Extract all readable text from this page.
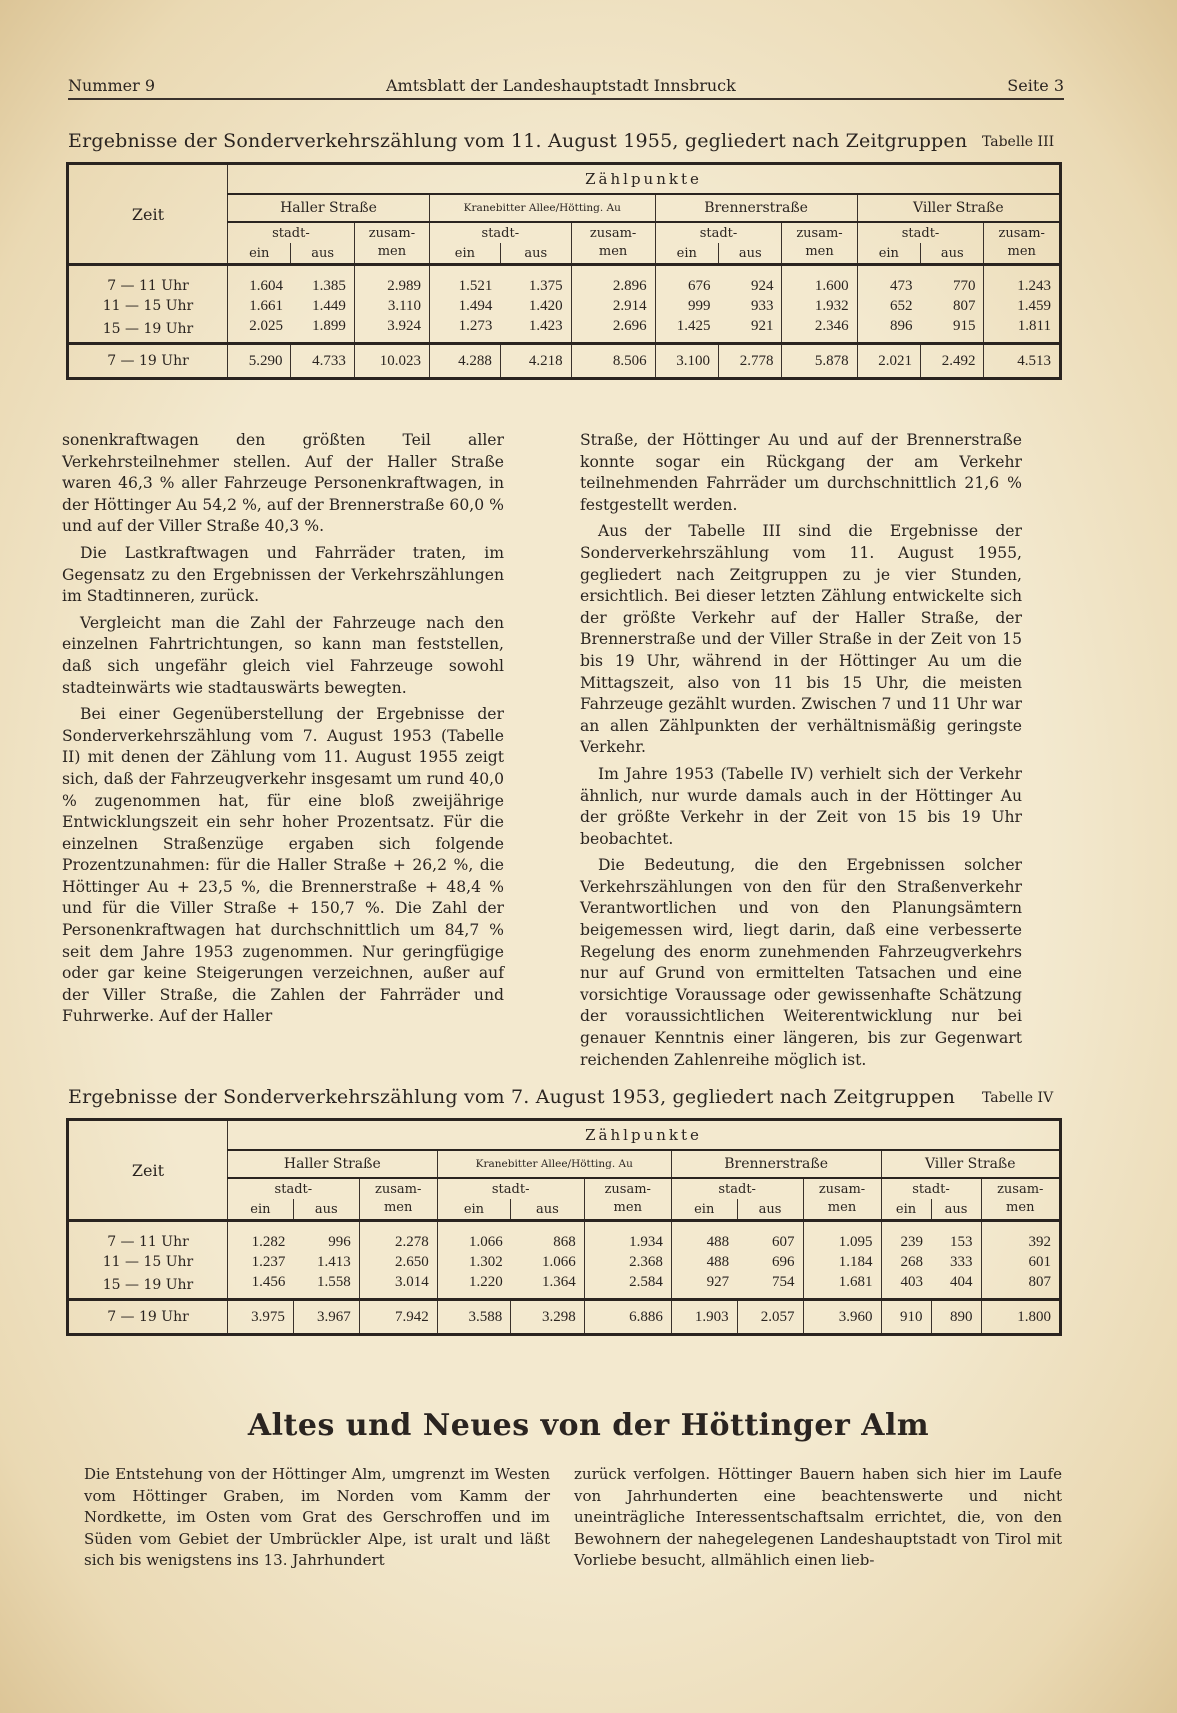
Nummer 9	Amtsblatt der Landeshauptstadt Innsbruck	Seite 3
Ergebnisse der Sonderverkehrszählung vom 11. August 1955, gegliedert nach Zeitgruppen Tabelle III
Zeit	Zählpunkte											
	Haller Straße			Kranebitter Allee/Hötting. Au			Brennerstraße			Viller Straße		
	stadt-		zusam-
men	stadt-		zusam-
men	stadt-		zusam-
men	stadt-		zusam-
men
	ein	aus		ein	aus		ein	aus		ein	aus	
7 — 11 Uhr	1.604	1.385	2.989	1.521	1.375	2.896	676	924	1.600	473	770	1.243
11 — 15 Uhr	1.661	1.449	3.110	1.494	1.420	2.914	999	933	1.932	652	807	1.459
15 — 19 Uhr	2.025	1.899	3.924	1.273	1.423	2.696	1.425	921	2.346	896	915	1.811
7 — 19 Uhr	5.290	4.733	10.023	4.288	4.218	8.506	3.100	2.778	5.878	2.021	2.492	4.513

sonenkraftwagen den größten Teil aller Verkehrsteilnehmer stellen. Auf der Haller Straße waren 46,3 % aller Fahrzeuge Personenkraftwagen, in der Höttinger Au 54,2 %, auf der Brennerstraße 60,0 % und auf der Viller Straße 40,3 %.

Die Lastkraftwagen und Fahrräder traten, im Gegensatz zu den Ergebnissen der Verkehrszählungen im Stadtinneren, zurück.

Vergleicht man die Zahl der Fahrzeuge nach den einzelnen Fahrtrichtungen, so kann man feststellen, daß sich ungefähr gleich viel Fahrzeuge sowohl stadteinwärts wie stadtauswärts bewegten.

Bei einer Gegenüberstellung der Ergebnisse der Sonderverkehrszählung vom 7. August 1953 (Tabelle II) mit denen der Zählung vom 11. August 1955 zeigt sich, daß der Fahrzeugverkehr insgesamt um rund 40,0 % zugenommen hat, für eine bloß zweijährige Entwicklungszeit ein sehr hoher Prozentsatz. Für die einzelnen Straßenzüge ergaben sich folgende Prozentzunahmen: für die Haller Straße + 26,2 %, die Höttinger Au + 23,5 %, die Brennerstraße + 48,4 % und für die Viller Straße + 150,7 %. Die Zahl der Personenkraftwagen hat durchschnittlich um 84,7 % seit dem Jahre 1953 zugenommen. Nur geringfügige oder gar keine Steigerungen verzeichnen, außer auf der Viller Straße, die Zahlen der Fahrräder und Fuhrwerke. Auf der Haller

Straße, der Höttinger Au und auf der Brennerstraße konnte sogar ein Rückgang der am Verkehr teilnehmenden Fahrräder um durchschnittlich 21,6 % festgestellt werden.

Aus der Tabelle III sind die Ergebnisse der Sonderverkehrszählung vom 11. August 1955, gegliedert nach Zeitgruppen zu je vier Stunden, ersichtlich. Bei dieser letzten Zählung entwickelte sich der größte Verkehr auf der Haller Straße, der Brennerstraße und der Viller Straße in der Zeit von 15 bis 19 Uhr, während in der Höttinger Au um die Mittagszeit, also von 11 bis 15 Uhr, die meisten Fahrzeuge gezählt wurden. Zwischen 7 und 11 Uhr war an allen Zählpunkten der verhältnismäßig geringste Verkehr.

Im Jahre 1953 (Tabelle IV) verhielt sich der Verkehr ähnlich, nur wurde damals auch in der Höttinger Au der größte Verkehr in der Zeit von 15 bis 19 Uhr beobachtet.

Die Bedeutung, die den Ergebnissen solcher Verkehrszählungen von den für den Straßenverkehr Verantwortlichen und von den Planungsämtern beigemessen wird, liegt darin, daß eine verbesserte Regelung des enorm zunehmenden Fahrzeugverkehrs nur auf Grund von ermittelten Tatsachen und eine vorsichtige Voraussage oder gewissenhafte Schätzung der voraussichtlichen Weiterentwicklung nur bei genauer Kenntnis einer längeren, bis zur Gegenwart reichenden Zahlenreihe möglich ist.

Ergebnisse der Sonderverkehrszählung vom 7. August 1953, gegliedert nach Zeitgruppen Tabelle IV
Zeit	Zählpunkte											
	Haller Straße			Kranebitter Allee/Hötting. Au			Brennerstraße			Viller Straße		
	stadt-		zusam-
men	stadt-		zusam-
men	stadt-		zusam-
men	stadt-		zusam-
men
	ein	aus		ein	aus		ein	aus		ein	aus	
7 — 11 Uhr	1.282	996	2.278	1.066	868	1.934	488	607	1.095	239	153	392
11 — 15 Uhr	1.237	1.413	2.650	1.302	1.066	2.368	488	696	1.184	268	333	601
15 — 19 Uhr	1.456	1.558	3.014	1.220	1.364	2.584	927	754	1.681	403	404	807
7 — 19 Uhr	3.975	3.967	7.942	3.588	3.298	6.886	1.903	2.057	3.960	910	890	1.800
Altes und Neues von der Höttinger Alm

Die Entstehung von der Höttinger Alm, umgrenzt im Westen vom Höttinger Graben, im Norden vom Kamm der Nordkette, im Osten vom Grat des Gerschroffen und im Süden vom Gebiet der Umbrückler Alpe, ist uralt und läßt sich bis wenigstens ins 13. Jahrhundert

zurück verfolgen. Höttinger Bauern haben sich hier im Laufe von Jahrhunderten eine beachtenswerte und nicht uneinträgliche Interessentschaftsalm errichtet, die, von den Bewohnern der nahegelegenen Landeshauptstadt von Tirol mit Vorliebe besucht, allmählich einen lieb-
